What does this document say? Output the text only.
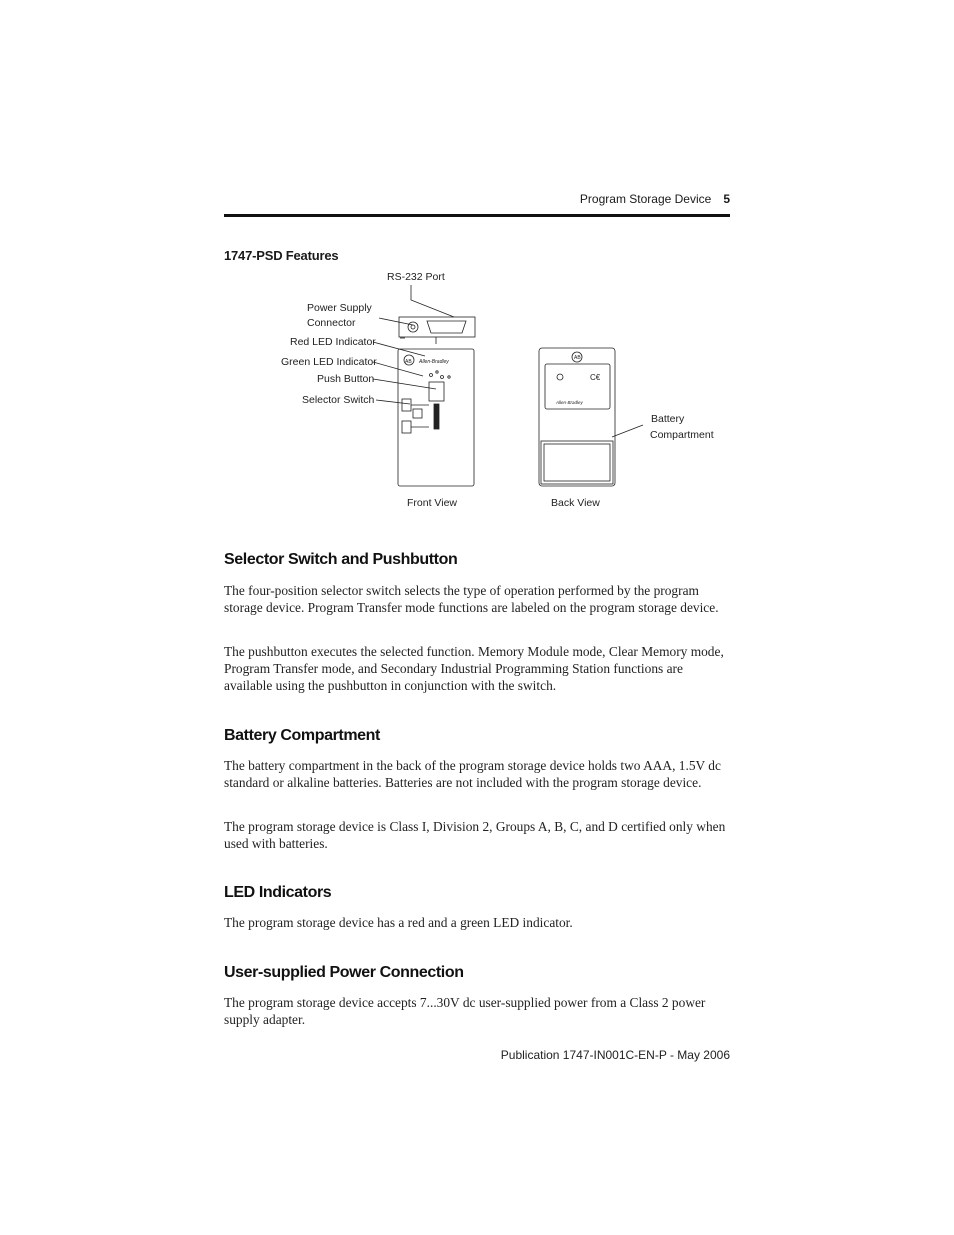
Program Storage Device 5
1747-PSD Features
RS-232 Port
Power Supply
Connector
Red LED Indicator
Green LED Indicator
Push Button
Selector Switch
Battery
Compartment
Front View	Back View
AB Allen-Bradley
AB
Allen-Bradley
C€
Selector Switch and Pushbutton

The four-position selector switch selects the type of operation performed by the program storage device. Program Transfer mode functions are labeled on the program storage device.

The pushbutton executes the selected function. Memory Module mode, Clear Memory mode, Program Transfer mode, and Secondary Industrial Programming Station functions are available using the pushbutton in conjunction with the switch.

Battery Compartment

The battery compartment in the back of the program storage device holds two AAA, 1.5V dc standard or alkaline batteries. Batteries are not included with the program storage device.

The program storage device is Class I, Division 2, Groups A, B, C, and D certified only when used with batteries.

LED Indicators

The program storage device has a red and a green LED indicator.

User-supplied Power Connection

The program storage device accepts 7...30V dc user-supplied power from a Class 2 power supply adapter.

Publication 1747-IN001C-EN-P - May 2006
